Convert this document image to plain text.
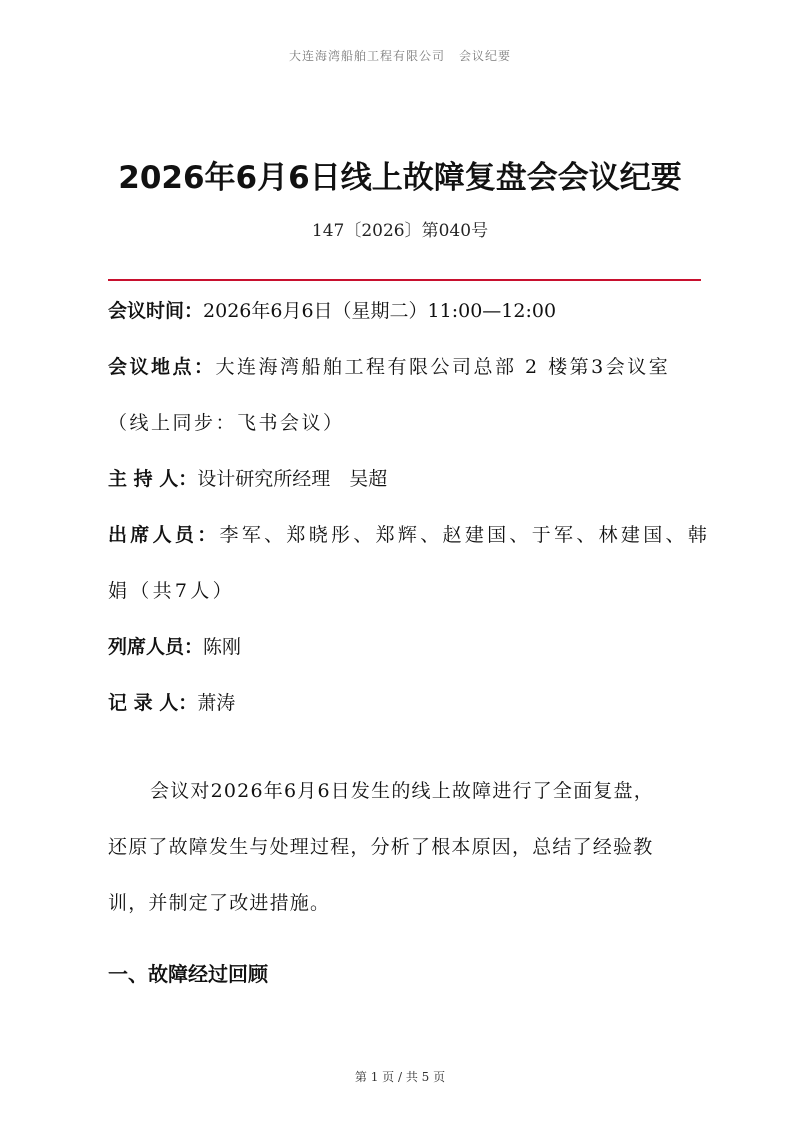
大连海湾船舶工程有限公司 会议纪要
2026年6月6日线上故障复盘会会议纪要
147〔2026〕第040号
会议时间：2026年6月6日（星期二）11:00—12:00
会议地点：大连海湾船舶工程有限公司总部 2 楼第3会议室
（线上同步：飞书会议）
主 持 人：设计研究所经理　吴超
出席人员：李军、郑晓彤、郑辉、赵建国、于军、林建国、韩
娟（共7人）
列席人员：陈刚
记 录 人：萧涛
会议对2026年6月6日发生的线上故障进行了全面复盘，
还原了故障发生与处理过程，分析了根本原因，总结了经验教
训，并制定了改进措施。
一、故障经过回顾
第 1 页 / 共 5 页
